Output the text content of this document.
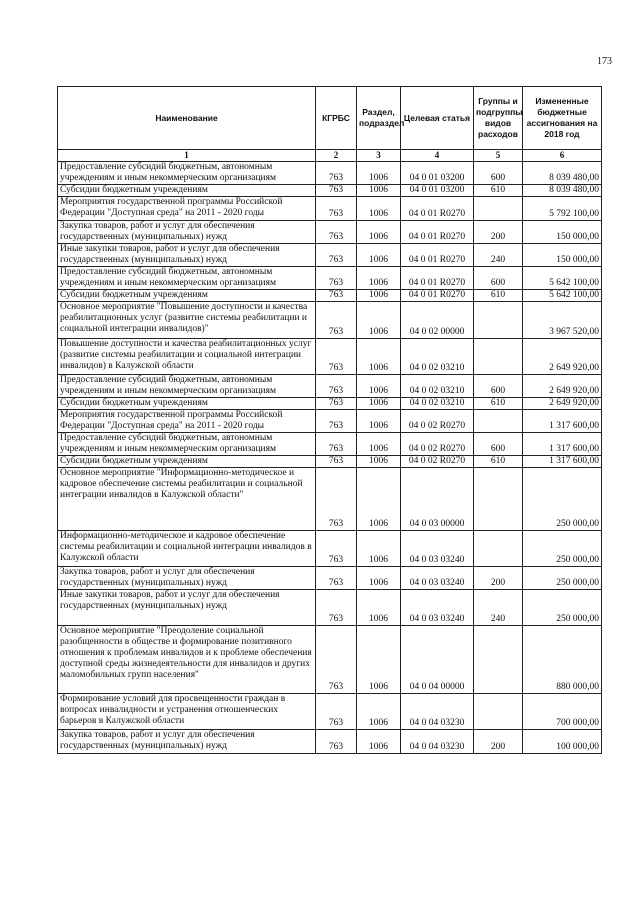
173
Наименование	КГРБС	Раздел, подраздел	Целевая статья	Группы и подгруппы видов расходов	Измененные бюджетные ассигнования на 2018 год
1	2	3	4	5	6
Предоставление субсидий бюджетным, автономным учреждениям и иным некоммерческим организациям	763	1006	04 0 01 03200	600	8 039 480,00
Субсидии бюджетным учреждениям	763	1006	04 0 01 03200	610	8 039 480,00
Мероприятия государственной программы Российской Федерации "Доступная среда" на 2011 - 2020 годы	763	1006	04 0 01 R0270		5 792 100,00
Закупка товаров, работ и услуг для обеспечения государственных (муниципальных) нужд	763	1006	04 0 01 R0270	200	150 000,00
Иные закупки товаров, работ и услуг для обеспечения государственных (муниципальных) нужд	763	1006	04 0 01 R0270	240	150 000,00
Предоставление субсидий бюджетным, автономным учреждениям и иным некоммерческим организациям	763	1006	04 0 01 R0270	600	5 642 100,00
Субсидии бюджетным учреждениям	763	1006	04 0 01 R0270	610	5 642 100,00
Основное мероприятие "Повышение доступности и качества реабилитационных услуг (развитие системы реабилитации и социальной интеграции инвалидов)"	763	1006	04 0 02 00000		3 967 520,00
Повышение доступности и качества реабилитационных услуг (развитие системы реабилитации и социальной интеграции инвалидов) в Калужской области	763	1006	04 0 02 03210		2 649 920,00
Предоставление субсидий бюджетным, автономным учреждениям и иным некоммерческим организациям	763	1006	04 0 02 03210	600	2 649 920,00
Субсидии бюджетным учреждениям	763	1006	04 0 02 03210	610	2 649 920,00
Мероприятия государственной программы Российской Федерации "Доступная среда" на 2011 - 2020 годы	763	1006	04 0 02 R0270		1 317 600,00
Предоставление субсидий бюджетным, автономным учреждениям и иным некоммерческим организациям	763	1006	04 0 02 R0270	600	1 317 600,00
Субсидии бюджетным учреждениям	763	1006	04 0 02 R0270	610	1 317 600,00
Основное мероприятие "Информационно-методическое и кадровое обеспечение системы реабилитации и социальной интеграции инвалидов в Калужской области"	763	1006	04 0 03 00000		250 000,00
Информационно-методическое и кадровое обеспечение системы реабилитации и социальной интеграции инвалидов в Калужской области	763	1006	04 0 03 03240		250 000,00
Закупка товаров, работ и услуг для обеспечения государственных (муниципальных) нужд	763	1006	04 0 03 03240	200	250 000,00
Иные закупки товаров, работ и услуг для обеспечения государственных (муниципальных) нужд	763	1006	04 0 03 03240	240	250 000,00
Основное мероприятие "Преодоление социальной разобщенности в обществе и формирование позитивного отношения к проблемам инвалидов и к проблеме обеспечения доступной среды жизнедеятельности для инвалидов и других маломобильных групп населения"	763	1006	04 0 04 00000		880 000,00
Формирование условий для просвещенности граждан в вопросах инвалидности и устранения отношенческих барьеров в Калужской области	763	1006	04 0 04 03230		700 000,00
Закупка товаров, работ и услуг для обеспечения государственных (муниципальных) нужд	763	1006	04 0 04 03230	200	100 000,00
